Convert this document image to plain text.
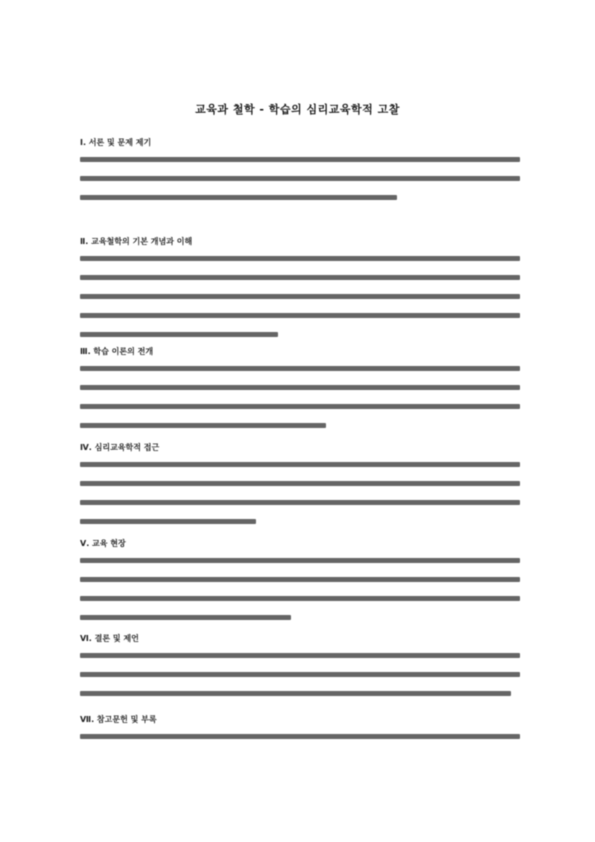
교육과 철학 - 학습의 심리교육학적 고찰
Ⅰ. 서론 및 문제 제기
Ⅱ. 교육철학의 기본 개념과 이해
Ⅲ. 학습 이론의 전개
Ⅳ. 심리교육학적 접근
Ⅴ. 교육 현장
Ⅵ. 결론 및 제언
Ⅶ. 참고문헌 및 부록
